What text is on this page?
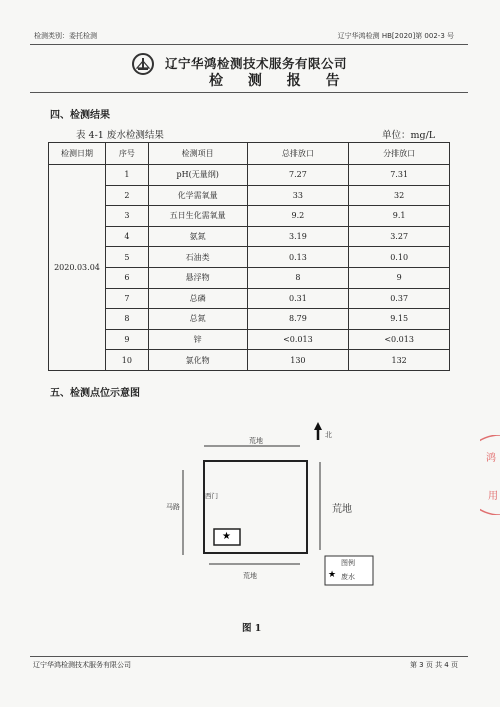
检测类别：委托检测	辽宁华鸿检测 HB[2020]第 002-3 号
辽宁华鸿检测技术服务有限公司
检 测 报 告
四、检测结果
表 4-1 废水检测结果	单位：mg/L
检测日期	序号	检测项目	总排放口	分排放口
2020.03.04	1	pH(无量纲)	7.27	7.31
	2	化学需氧量	33	32
	3	五日生化需氧量	9.2	9.1
	4	氨氮	3.19	3.27
	5	石油类	0.13	0.10
	6	悬浮物	8	9
	7	总磷	0.31	0.37
	8	总氮	8.79	9.15
	9	锌	<0.013	<0.013
	10	氯化物	130	132
五、检测点位示意图
北
荒地
马路
西门
荒地
荒地
★
图例
★ 废水
图 1
辽宁华鸿检测技术服务有限公司	第 3 页 共 4 页
鸿
用
